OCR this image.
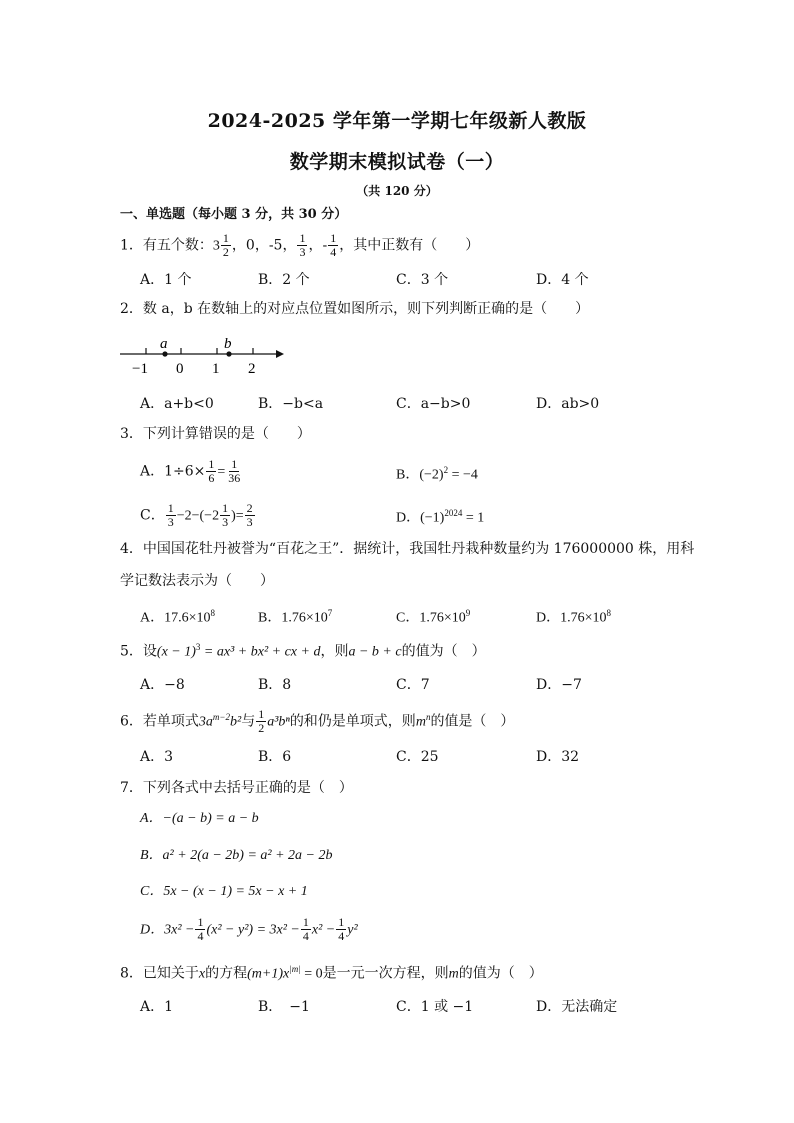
2024-2025 学年第一学期七年级新人教版
数学期末模拟试卷（一）
（共 120 分）
一、单选题（每小题 3 分，共 30 分）
1．有五个数：$3 \frac{1}{2}$ ，0，-5， $\frac{1}{3}$ ，- $\frac{1}{4}$ ，其中正数有（　　）
A．1 个	B．2 个	C．3 个	D．4 个
2．数 a，b 在数轴上的对应点位置如图所示，则下列判断正确的是（　　）
a	b
−1 0 1 2
A．a+b<0	B．−b<a	C．a−b>0	D．ab>0
3．下列计算错误的是（　　）
A．$1\div 6\times \frac{1}{6} = \frac{1}{36}$	B．$(-2)^2 = -4$
C． $\frac{1}{3} -2-(-2 \frac{1}{3}$ )= $\frac{2}{3}$	D．$(-1)^{2024} = 1$
4．中国国花牡丹被誉为“百花之王”．据统计，我国牡丹栽种数量约为 176000000 株，用科
学记数法表示为（　　）
A．$17.6\times 10^8$	B．$1.76\times 10^7$	C．$1.76\times 10^9$	D．$1.76\times 10^8$
5．设$(x - 1)^3 = ax^3 + bx^2$ + cx + d，则a − b + c的值为（　）
A．−8	B．8	C．7	D．−7
6．若单项式$3a^{m-2}b^2$与 $\frac{1}{2} a^3b^n$的和仍是单项式，则$m^n$的值是（　）
A．3	B．6	C．25	D．32
7．下列各式中去括号正确的是（　）
A．−(a − b) = a − b
B．a² + 2(a − 2b) = a² + 2a − 2b
C．5x − (x − 1) = 5x − x + 1
D．$3x^2 - \frac{1}{4} (x^2 - y^2) = 3x^2 - \frac{1}{4} x^2 - \frac{1}{4} y^2$
8．已知关于x的方程$(m+1)x^{|m|} = 0$是一元一次方程，则m的值为（　）
A．1	B．　−1	C．1 或 −1	D．无法确定
